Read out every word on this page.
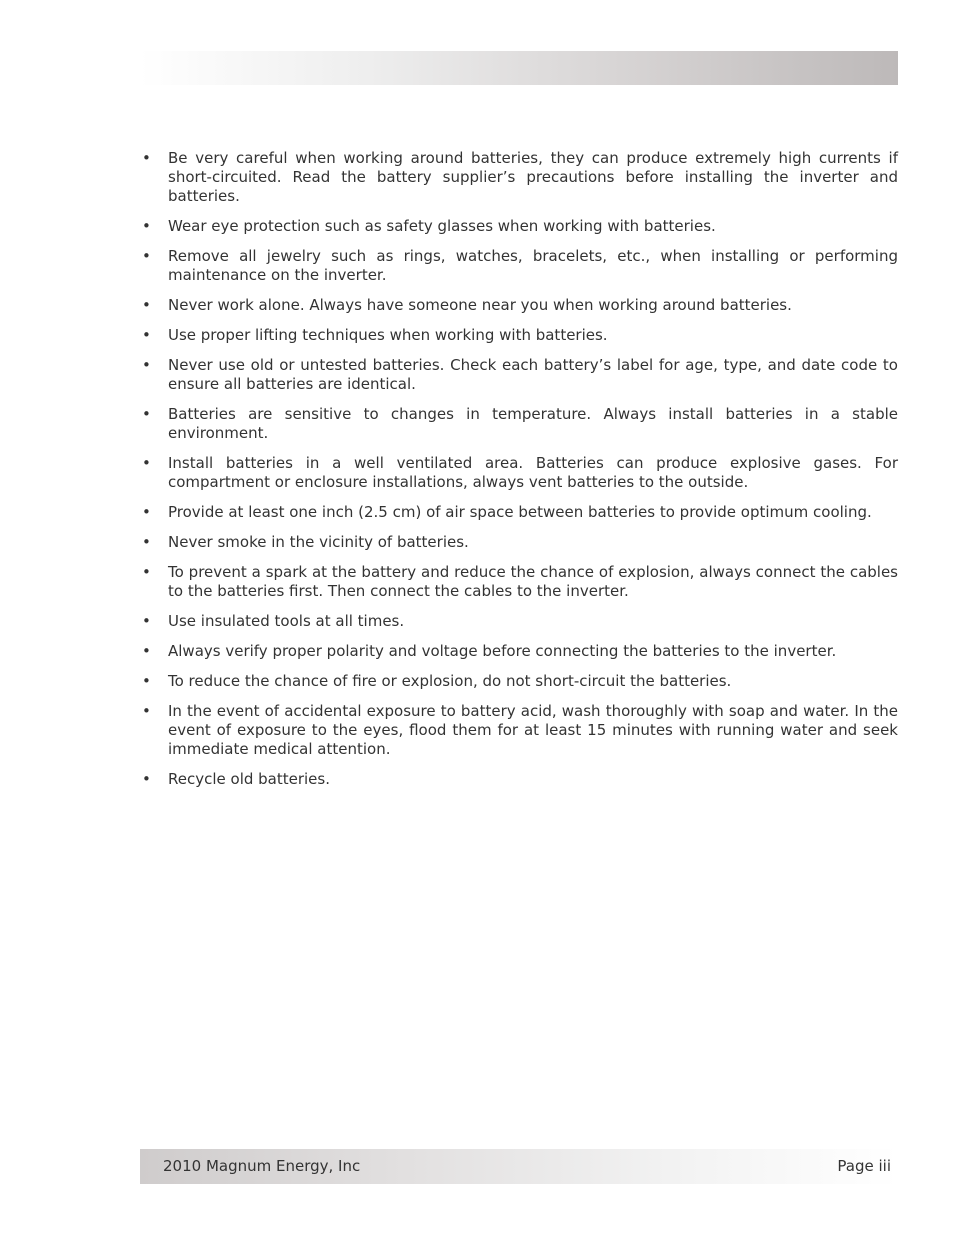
•	Be very careful when working around batteries, they can produce extremely high currents if short-circuited. Read the battery supplier’s precautions before installing the inverter and batteries.
•	Wear eye protection such as safety glasses when working with batteries.
•	Remove all jewelry such as rings, watches, bracelets, etc., when installing or performing maintenance on the inverter.
•	Never work alone. Always have someone near you when working around batteries.
•	Use proper lifting techniques when working with batteries.
•	Never use old or untested batteries. Check each battery’s label for age, type, and date code to ensure all batteries are identical.
•	Batteries are sensitive to changes in temperature. Always install batteries in a stable environment.
•	Install batteries in a well ventilated area. Batteries can produce explosive gases. For compartment or enclosure installations, always vent batteries to the outside.
•	Provide at least one inch (2.5 cm) of air space between batteries to provide optimum cooling.
•	Never smoke in the vicinity of batteries.
•	To prevent a spark at the battery and reduce the chance of explosion, always connect the cables to the batteries first. Then connect the cables to the inverter.
•	Use insulated tools at all times.
•	Always verify proper polarity and voltage before connecting the batteries to the inverter.
•	To reduce the chance of fire or explosion, do not short-circuit the batteries.
•	In the event of accidental exposure to battery acid, wash thoroughly with soap and water. In the event of exposure to the eyes, flood them for at least 15 minutes with running water and seek immediate medical attention.
•	Recycle old batteries.
2010 Magnum Energy, Inc	Page iii
